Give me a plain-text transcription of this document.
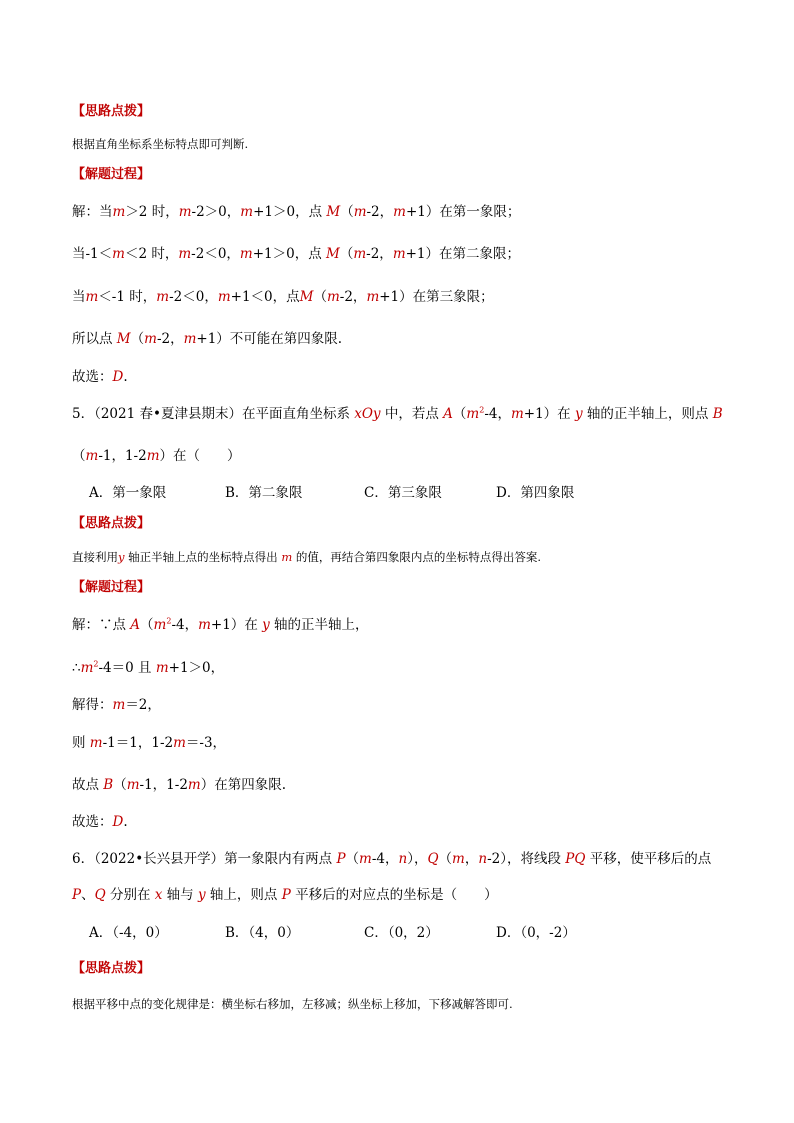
【思路点拨】
根据直角坐标系坐标特点即可判断.
【解题过程】
解：当m＞2 时，m-2＞0，m+1＞0，点 M（m-2，m+1）在第一象限；
当-1＜m＜2 时，m-2＜0，m+1＞0，点 M（m-2，m+1）在第二象限；
当m＜-1 时，m-2＜0，m+1＜0，点M（m-2，m+1）在第三象限；
所以点 M（m-2，m+1）不可能在第四象限.
故选：D.
5．（2021 春•夏津县期末）在平面直角坐标系 xOy 中，若点 $A(m^2-4$，m+1）在 y 轴的正半轴上，则点 B
（m-1，1-2m）在（　　）
A．第一象限	B．第二象限	C．第三象限	D．第四象限
【思路点拨】
直接利用y 轴正半轴上点的坐标特点得出 m 的值，再结合第四象限内点的坐标特点得出答案.
【解题过程】
解：∵点 $A(m^2-4$，m+1）在 y 轴的正半轴上，
$\therefore m^2-4=0$ 且 m+1＞0，
解得：m＝2，
则 m-1＝1，1-2m＝-3，
故点 B（m-1，1-2m）在第四象限.
故选：D.
6．（2022•长兴县开学）第一象限内有两点 P（m-4，n），Q（m，n-2），将线段 PQ 平移，使平移后的点
P、Q 分别在 x 轴与 y 轴上，则点 P 平移后的对应点的坐标是（　　）
A．（-4，0）	B．（4，0）	C．（0，2）	D．（0，-2）
【思路点拨】
根据平移中点的变化规律是：横坐标右移加，左移减；纵坐标上移加，下移减解答即可.
